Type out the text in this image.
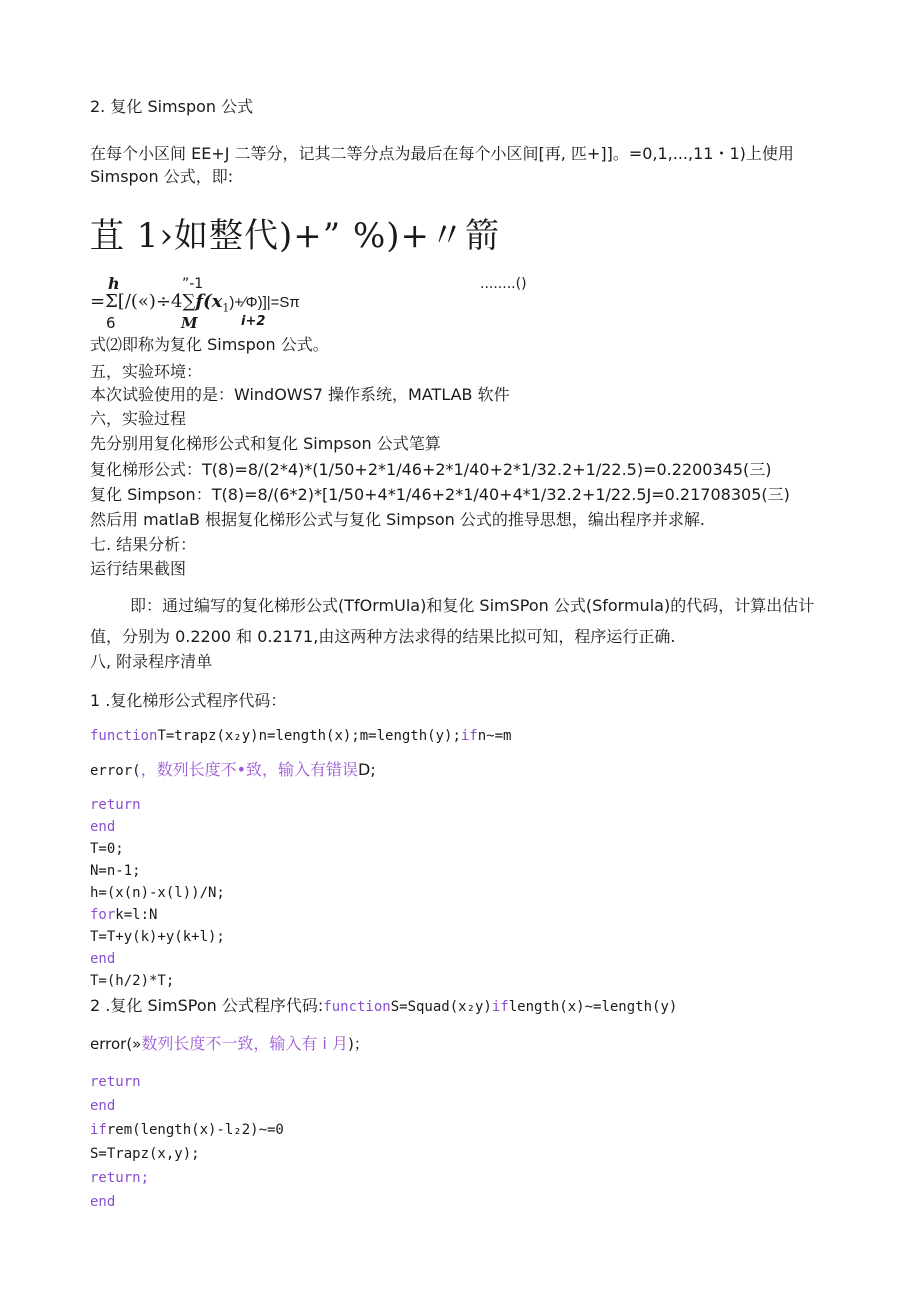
2. 复化 Simspon 公式
在每个小区间 EE+J 二等分，记其二等分点为最后在每个小区间[再, 匹+]]。=0,1,...,11・1)上使用
Simspon 公式，即:
苴 1›如整代)+” %)+〃箭
h	”-1	........()
$=\Sigma[∕(«)\div 4\sum f(x_1)+∕\Phi)]|=S\pi$
6	M	i+2
式⑵即称为复化 Simspon 公式。
五，实验环境：
本次试验使用的是：WindOWS7 操作系统，MATLAB 软件
六，实验过程
先分别用复化梯形公式和复化 Simpson 公式笔算
复化梯形公式：T(8)=8/(2*4)*(1/50+2*1/46+2*1/40+2*1/32.2+1/22.5)=0.2200345(三)
复化 Simpson：T(8)=8/(6*2)*[1/50+4*1/46+2*1/40+4*1/32.2+1/22.5J=0.21708305(三)
然后用 matlaB 根据复化梯形公式与复化 Simpson 公式的推导思想，编出程序并求解.
七. 结果分析：
运行结果截图
即：通过编写的复化梯形公式(TfOrmUla)和复化 SimSPon 公式(Sformula)的代码，计算出估计
值，分别为 0.2200 和 0.2171,由这两种方法求得的结果比拟可知，程序运行正确.
八, 附录程序清单
1 .复化梯形公式程序代码：
functionT=trapz(x₂y)n=length(x);m=length(y);ifn~=m
error(，数列长度不•致，输入有错误D;
return
end
T=0;
N=n-1;
h=(x(n)-x(l))∕N;
fork=l:N
T=T+y(k)+y(k+l);
end
T=(h∕2)*T;
2 .复化 SimSPon 公式程序代码:functionS=Squad(x₂y)iflength(x)~=length(y)
error(»数列长度不一致，输入有 i 月)；
return
end
ifrem(length(x)-l₂2)~=0
S=Trapz(x,y);
return;
end
